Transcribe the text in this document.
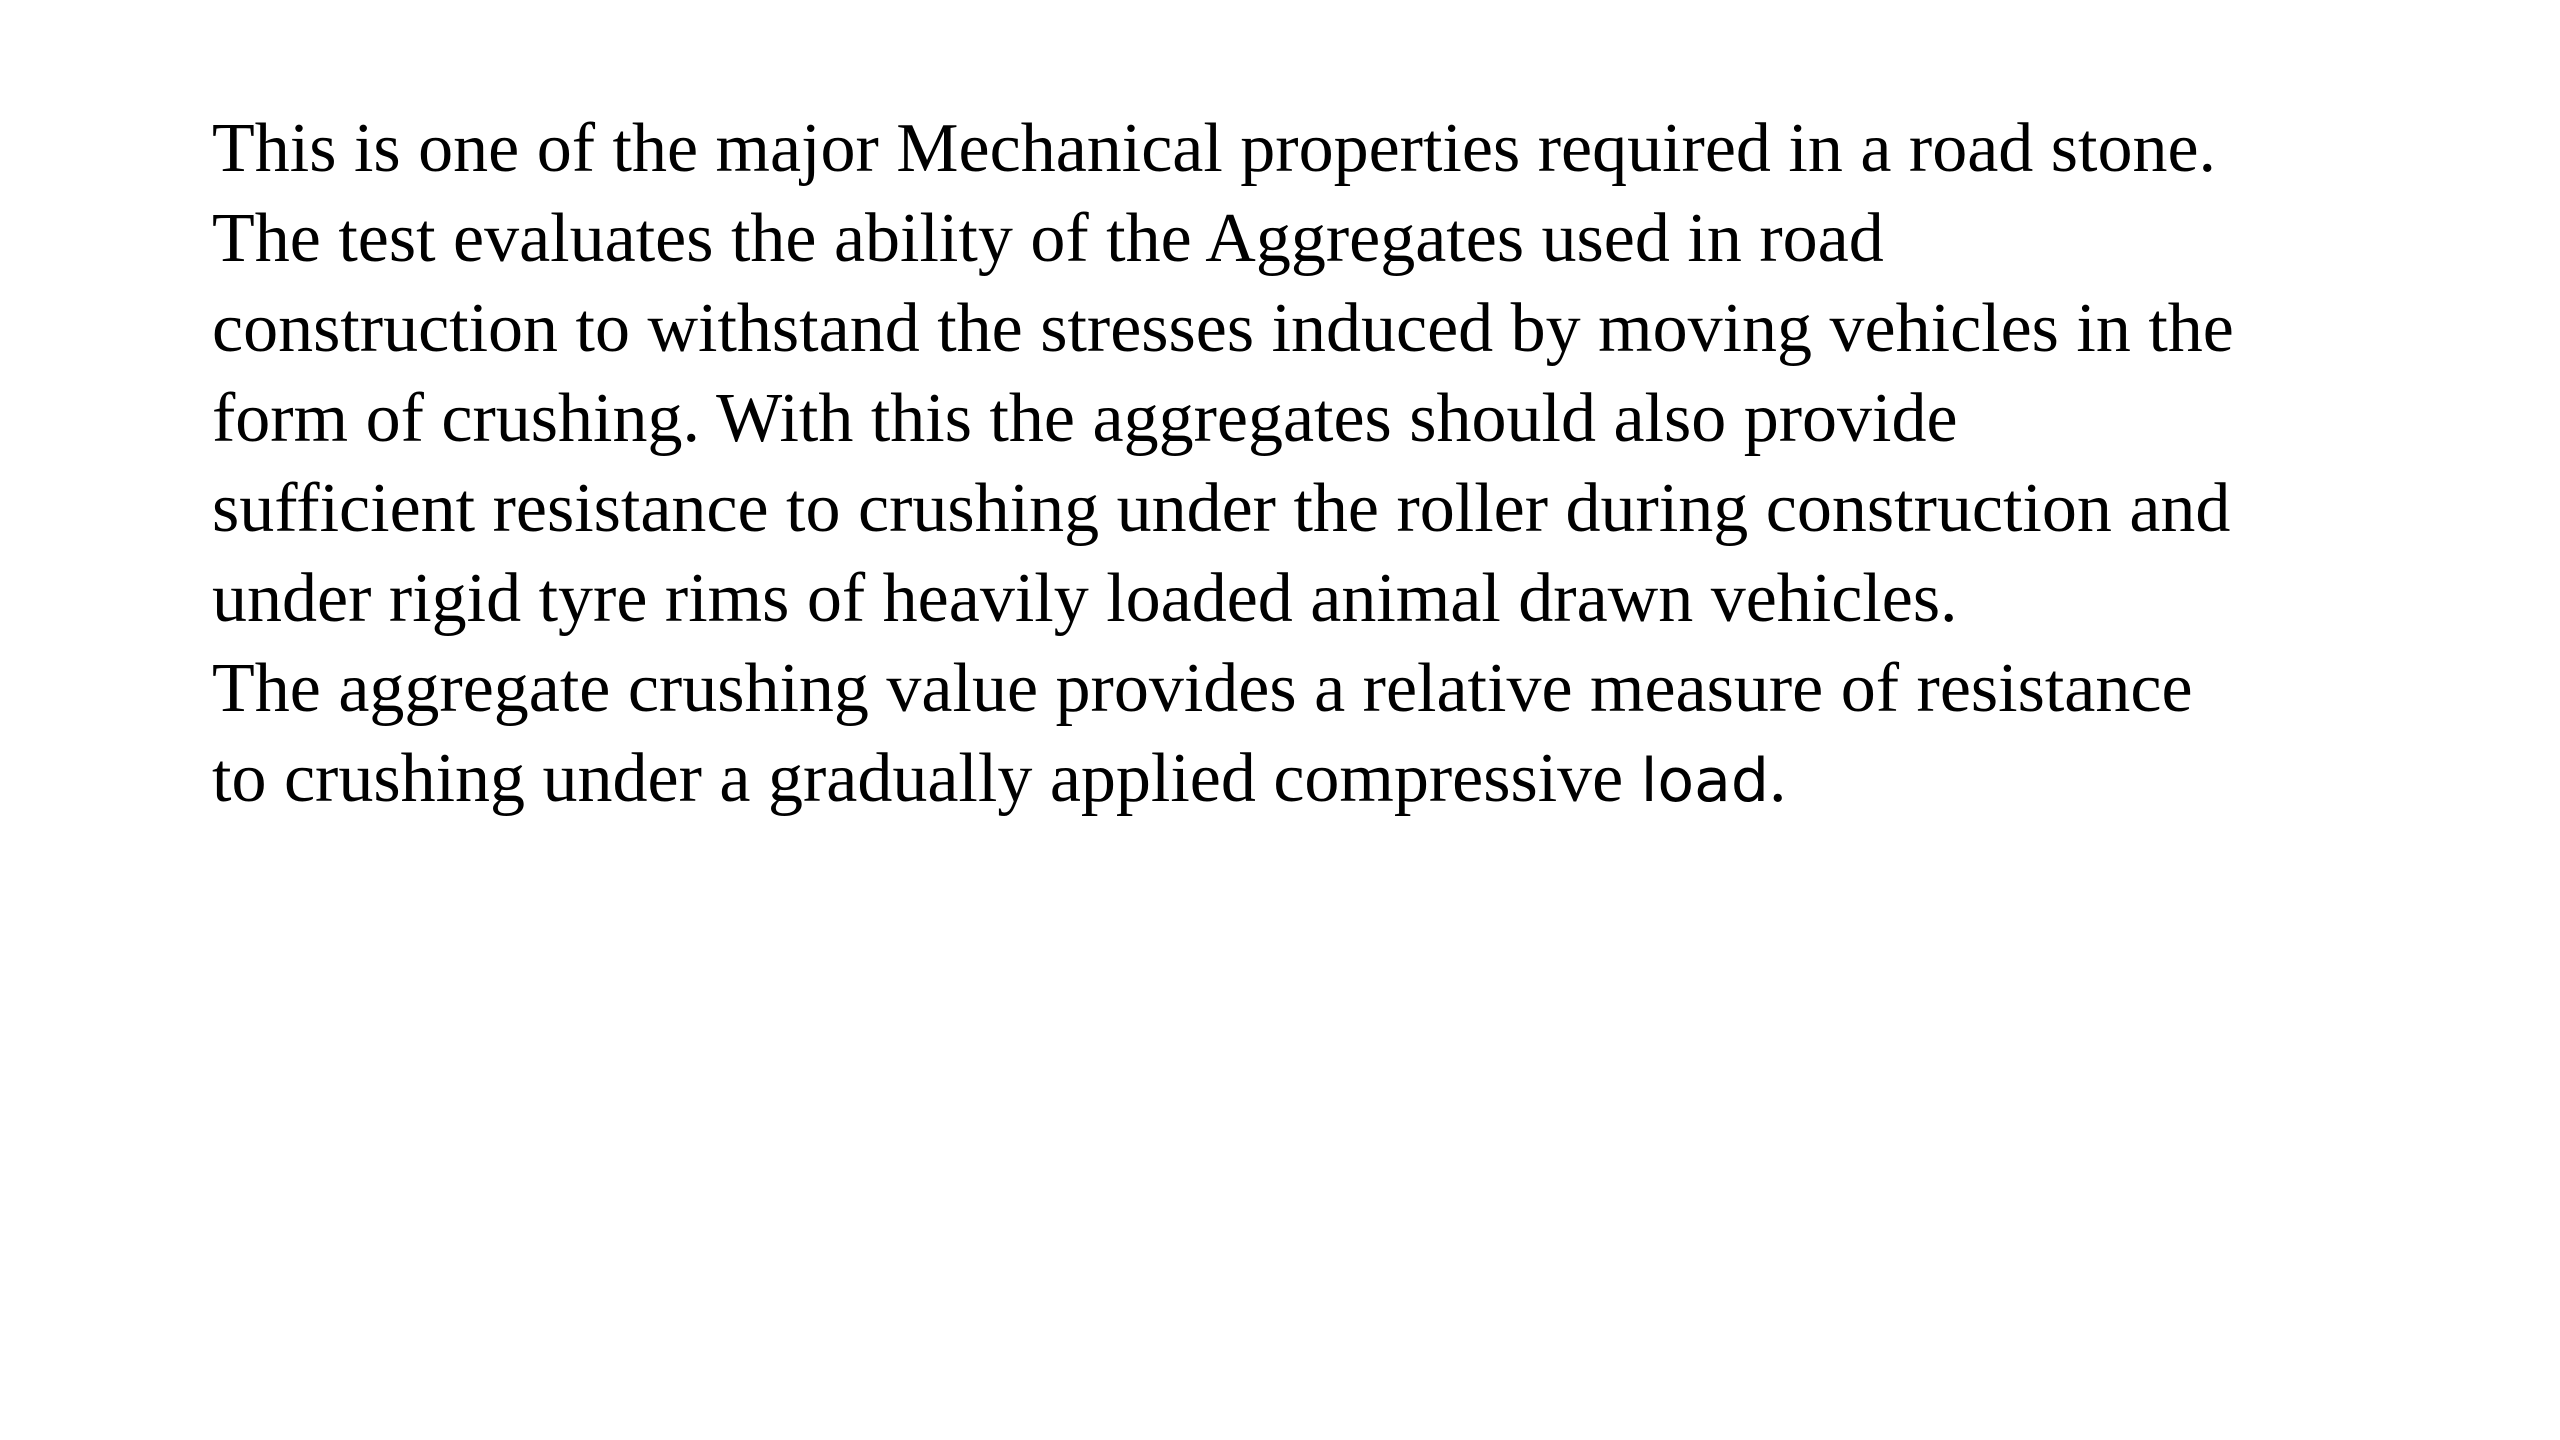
This is one of the major Mechanical properties required in a road stone.
The test evaluates the ability of the Aggregates used in road
construction to withstand the stresses induced by moving vehicles in the
form of crushing. With this the aggregates should also provide
sufficient resistance to crushing under the roller during construction and
under rigid tyre rims of heavily loaded animal drawn vehicles.

The aggregate crushing value provides a relative measure of resistance
to crushing under a gradually applied compressive load.
